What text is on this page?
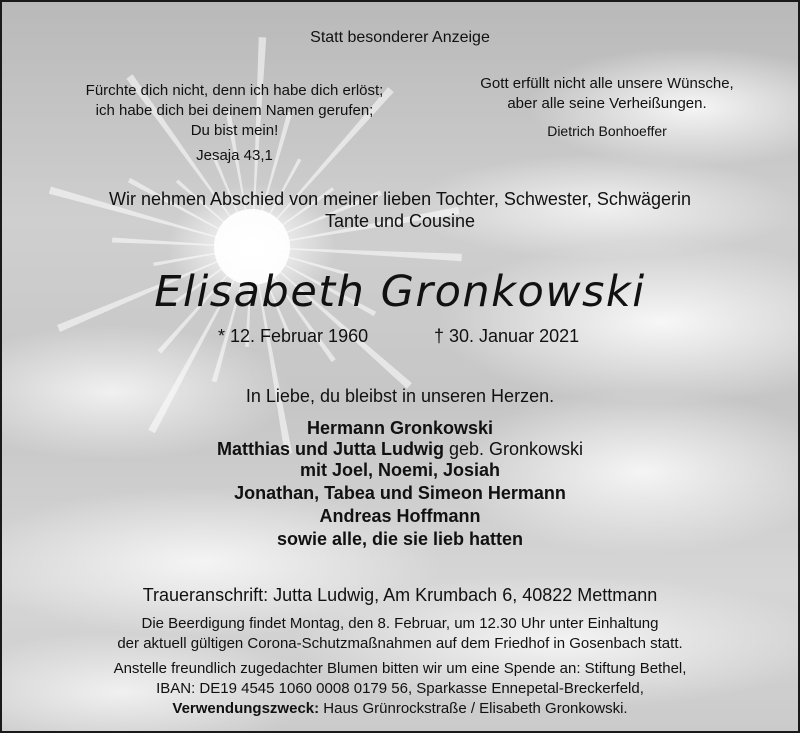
Statt besonderer Anzeige
Fürchte dich nicht, denn ich habe dich erlöst;
ich habe dich bei deinem Namen gerufen;
Du bist mein!
Jesaja 43,1
Gott erfüllt nicht alle unsere Wünsche,
aber alle seine Verheißungen.
Dietrich Bonhoeffer
Wir nehmen Abschied von meiner lieben Tochter, Schwester, Schwägerin
Tante und Cousine
Elisabeth Gronkowski
* 12. Februar 1960	† 30. Januar 2021
In Liebe, du bleibst in unseren Herzen.
Hermann Gronkowski
Matthias und Jutta Ludwig geb. Gronkowski
mit Joel, Noemi, Josiah
Jonathan, Tabea und Simeon Hermann
Andreas Hoffmann
sowie alle, die sie lieb hatten
Traueranschrift: Jutta Ludwig, Am Krumbach 6, 40822 Mettmann
Die Beerdigung findet Montag, den 8. Februar, um 12.30 Uhr unter Einhaltung
der aktuell gültigen Corona-Schutzmaßnahmen auf dem Friedhof in Gosenbach statt.
Anstelle freundlich zugedachter Blumen bitten wir um eine Spende an: Stiftung Bethel,
IBAN: DE19 4545 1060 0008 0179 56, Sparkasse Ennepetal-Breckerfeld,
Verwendungszweck: Haus Grünrockstraße / Elisabeth Gronkowski.
